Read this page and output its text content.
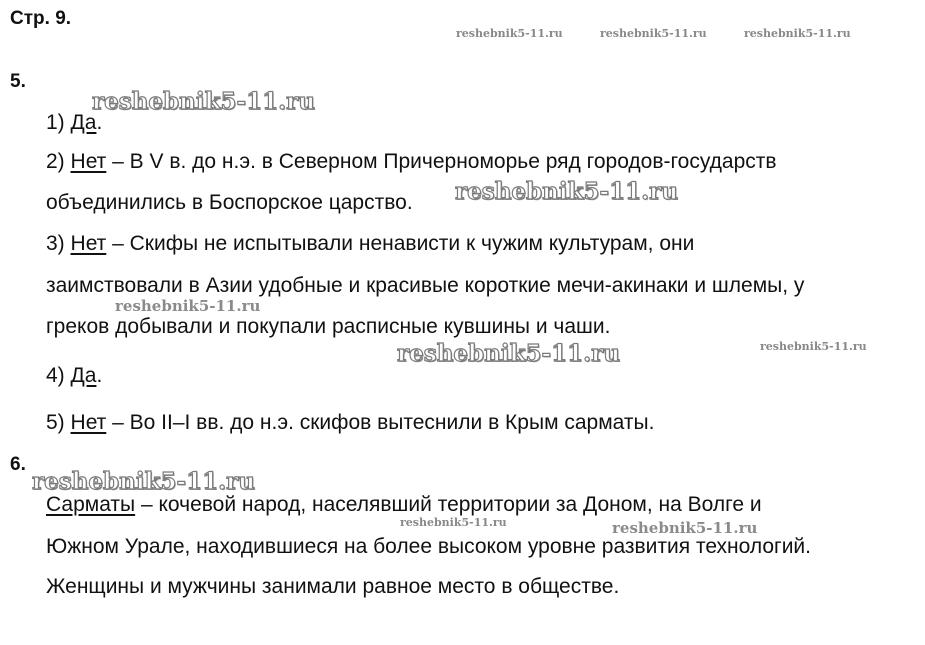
Стр. 9.
reshebnik5-11.ru	reshebnik5-11.ru	reshebnik5-11.ru
5.
reshebnik5-11.ru
1) Да.
2) Нет – В V в. до н.э. в Северном Причерноморье ряд городов-государств
объединились в Боспорское царство. reshebnik5-11.ru
3) Нет – Скифы не испытывали ненависти к чужим культурам, они
заимствовали в Азии удобные и красивые короткие мечи-акинаки и шлемы, у
reshebnik5-11.ru
греков добывали и покупали расписные кувшины и чаши.
reshebnik5-11.ru	reshebnik5-11.ru
4) Да.
5) Нет – Во II–I вв. до н.э. скифов вытеснили в Крым сарматы.
6.
reshebnik5-11.ru
Сарматы – кочевой народ, населявший территории за Доном, на Волге и
reshebnik5-11.ru	reshebnik5-11.ru
Южном Урале, находившиеся на более высоком уровне развития технологий.
Женщины и мужчины занимали равное место в обществе.
